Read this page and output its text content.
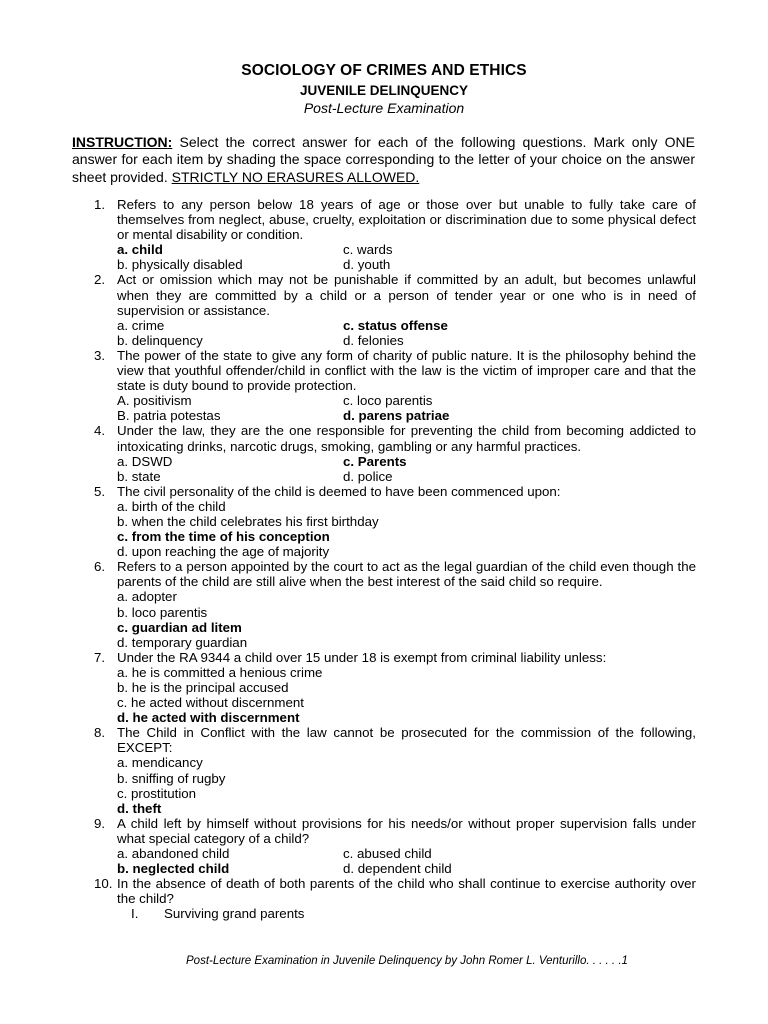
SOCIOLOGY OF CRIMES AND ETHICS
JUVENILE DELINQUENCY
Post-Lecture Examination
INSTRUCTION: Select the correct answer for each of the following questions. Mark only ONE answer for each item by shading the space corresponding to the letter of your choice on the answer sheet provided. STRICTLY NO ERASURES ALLOWED.
1. Refers to any person below 18 years of age or those over but unable to fully take care of themselves from neglect, abuse, cruelty, exploitation or discrimination due to some physical defect or mental disability or condition.
a. child	c. wards
b. physically disabled	d. youth
2. Act or omission which may not be punishable if committed by an adult, but becomes unlawful when they are committed by a child or a person of tender year or one who is in need of supervision or assistance.
a. crime	c. status offense
b. delinquency	d. felonies
3. The power of the state to give any form of charity of public nature. It is the philosophy behind the view that youthful offender/child in conflict with the law is the victim of improper care and that the state is duty bound to provide protection.
A. positivism	c. loco parentis
B. patria potestas	d. parens patriae
4. Under the law, they are the one responsible for preventing the child from becoming addicted to intoxicating drinks, narcotic drugs, smoking, gambling or any harmful practices.
a. DSWD	c. Parents
b. state	d. police
5. The civil personality of the child is deemed to have been commenced upon:
a. birth of the child
b. when the child celebrates his first birthday
c. from the time of his conception
d. upon reaching the age of majority
6. Refers to a person appointed by the court to act as the legal guardian of the child even though the parents of the child are still alive when the best interest of the said child so require.
a. adopter
b. loco parentis
c. guardian ad litem
d. temporary guardian
7. Under the RA 9344 a child over 15 under 18 is exempt from criminal liability unless:
a. he is committed a henious crime
b. he is the principal accused
c. he acted without discernment
d. he acted with discernment
8. The Child in Conflict with the law cannot be prosecuted for the commission of the following, EXCEPT:
a. mendicancy
b. sniffing of rugby
c. prostitution
d. theft
9. A child left by himself without provisions for his needs/or without proper supervision falls under what special category of a child?
a. abandoned child	c. abused child
b. neglected child	d. dependent child
10. In the absence of death of both parents of the child who shall continue to exercise authority over the child?
I. Surviving grand parents
Post-Lecture Examination in Juvenile Delinquency by John Romer L. Venturillo. . . . . .1
